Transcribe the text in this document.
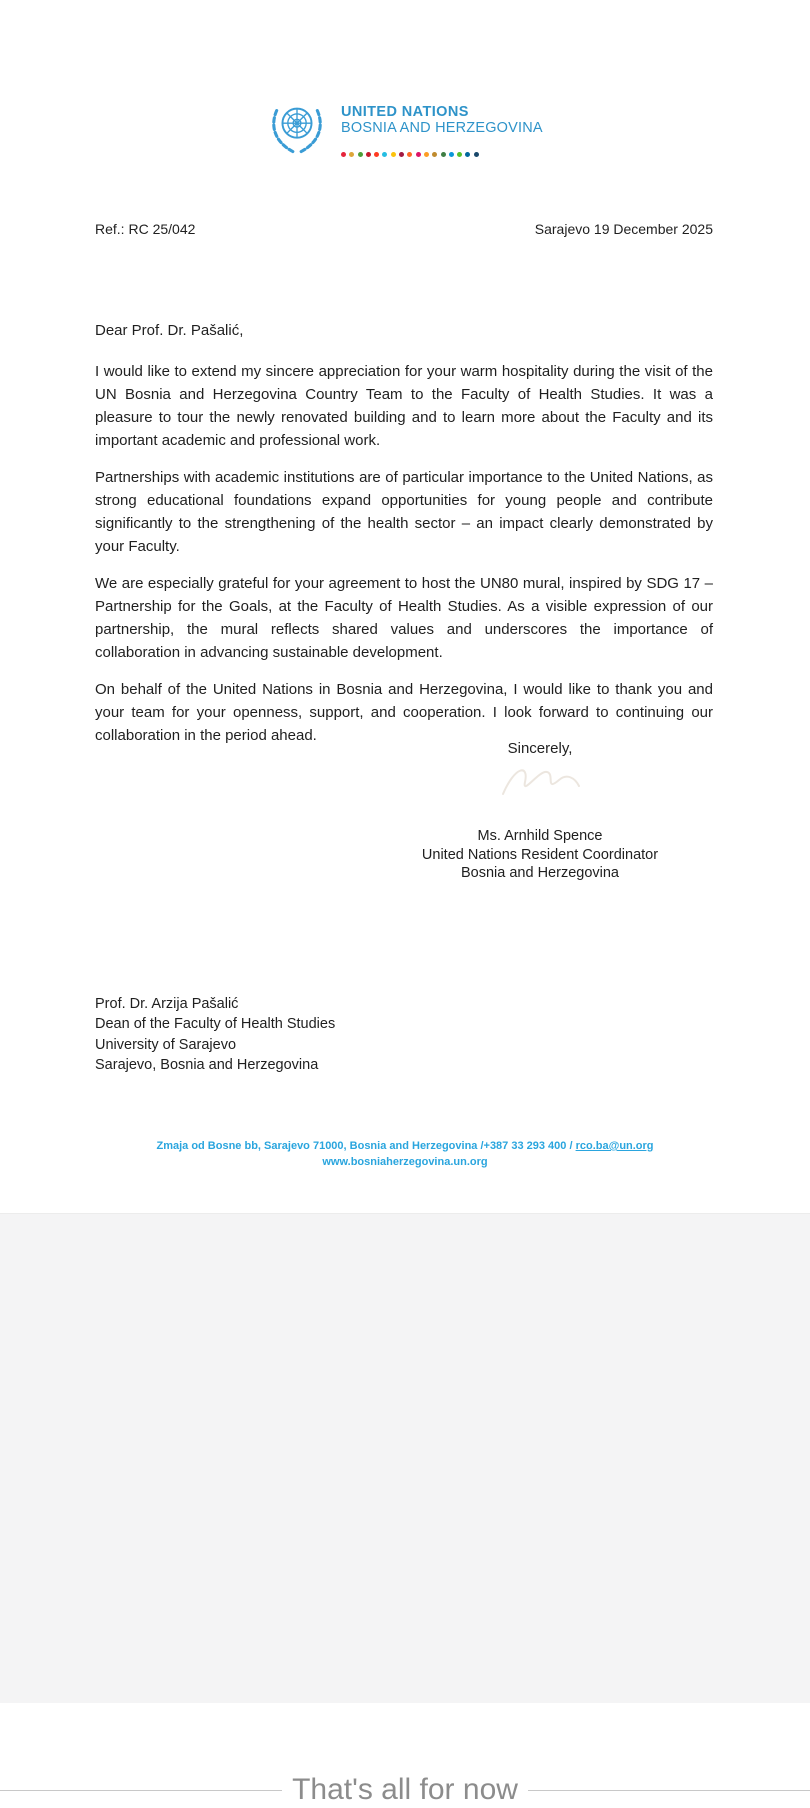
UNITED NATIONS
BOSNIA AND HERZEGOVINA
Ref.: RC 25/042	Sarajevo 19 December 2025

Dear Prof. Dr. Pašalić,

I would like to extend my sincere appreciation for your warm hospitality during the visit of the UN Bosnia and Herzegovina Country Team to the Faculty of Health Studies. It was a pleasure to tour the newly renovated building and to learn more about the Faculty and its important academic and professional work.

Partnerships with academic institutions are of particular importance to the United Nations, as strong educational foundations expand opportunities for young people and contribute significantly to the strengthening of the health sector – an impact clearly demonstrated by your Faculty.

We are especially grateful for your agreement to host the UN80 mural, inspired by SDG 17 – Partnership for the Goals, at the Faculty of Health Studies. As a visible expression of our partnership, the mural reflects shared values and underscores the importance of collaboration in advancing sustainable development.

On behalf of the United Nations in Bosnia and Herzegovina, I would like to thank you and your team for your openness, support, and cooperation. I look forward to continuing our collaboration in the period ahead.

Sincerely,
Ms. Arnhild Spence
United Nations Resident Coordinator
Bosnia and Herzegovina
Prof. Dr. Arzija Pašalić
Dean of the Faculty of Health Studies
University of Sarajevo
Sarajevo, Bosnia and Herzegovina
Zmaja od Bosne bb, Sarajevo 71000, Bosnia and Herzegovina /+387 33 293 400 / rco.ba@un.org
www.bosniaherzegovina.un.org
That's all for now
